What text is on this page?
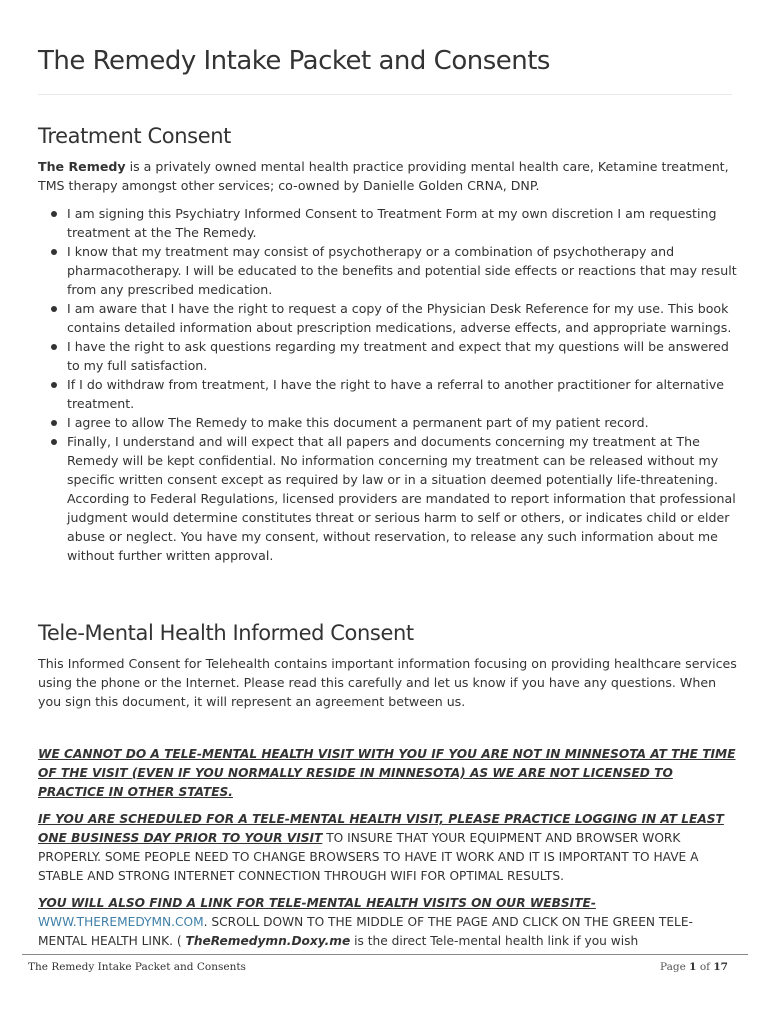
The Remedy Intake Packet and Consents
Treatment Consent

The Remedy is a privately owned mental health practice providing mental health care, Ketamine treatment, TMS therapy amongst other services; co-owned by Danielle Golden CRNA, DNP.

I am signing this Psychiatry Informed Consent to Treatment Form at my own discretion I am requesting treatment at the The Remedy.
I know that my treatment may consist of psychotherapy or a combination of psychotherapy and pharmacotherapy. I will be educated to the benefits and potential side effects or reactions that may result from any prescribed medication.
I am aware that I have the right to request a copy of the Physician Desk Reference for my use. This book contains detailed information about prescription medications, adverse effects, and appropriate warnings.
I have the right to ask questions regarding my treatment and expect that my questions will be answered to my full satisfaction.
If I do withdraw from treatment, I have the right to have a referral to another practitioner for alternative treatment.
I agree to allow The Remedy to make this document a permanent part of my patient record.
Finally, I understand and will expect that all papers and documents concerning my treatment at The Remedy will be kept confidential. No information concerning my treatment can be released without my specific written consent except as required by law or in a situation deemed potentially life-threatening. According to Federal Regulations, licensed providers are mandated to report information that professional judgment would determine constitutes threat or serious harm to self or others, or indicates child or elder abuse or neglect. You have my consent, without reservation, to release any such information about me without further written approval.
Tele-Mental Health Informed Consent

This Informed Consent for Telehealth contains important information focusing on providing healthcare services using the phone or the Internet. Please read this carefully and let us know if you have any questions. When you sign this document, it will represent an agreement between us.

WE CANNOT DO A TELE-MENTAL HEALTH VISIT WITH YOU IF YOU ARE NOT IN MINNESOTA AT THE TIME OF THE VISIT (EVEN IF YOU NORMALLY RESIDE IN MINNESOTA) AS WE ARE NOT LICENSED TO PRACTICE IN OTHER STATES.

IF YOU ARE SCHEDULED FOR A TELE-MENTAL HEALTH VISIT, PLEASE PRACTICE LOGGING IN AT LEAST ONE BUSINESS DAY PRIOR TO YOUR VISIT TO INSURE THAT YOUR EQUIPMENT AND BROWSER WORK PROPERLY. SOME PEOPLE NEED TO CHANGE BROWSERS TO HAVE IT WORK AND IT IS IMPORTANT TO HAVE A STABLE AND STRONG INTERNET CONNECTION THROUGH WIFI FOR OPTIMAL RESULTS.

YOU WILL ALSO FIND A LINK FOR TELE-MENTAL HEALTH VISITS ON OUR WEBSITE- WWW.THEREMEDYMN.COM. SCROLL DOWN TO THE MIDDLE OF THE PAGE AND CLICK ON THE GREEN TELE-MENTAL HEALTH LINK. ( TheRemedymn.Doxy.me is the direct Tele-mental health link if you wish

The Remedy Intake Packet and Consents	Page 1 of 17
